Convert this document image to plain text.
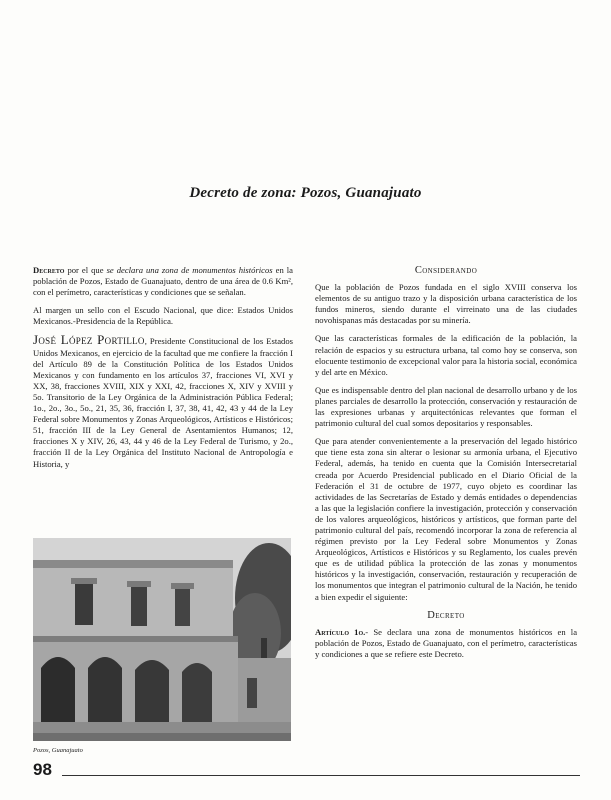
Decreto de zona: Pozos, Guanajuato

Decreto por el que se declara una zona de monumentos históricos en la población de Pozos, Estado de Guanajuato, dentro de una área de 0.6 Km², con el perímetro, características y condiciones que se señalan.

Al margen un sello con el Escudo Nacional, que dice: Estados Unidos Mexicanos.-Presidencia de la República.

José López Portillo, Presidente Constitucional de los Estados Unidos Mexicanos, en ejercicio de la facultad que me confiere la fracción I del Artículo 89 de la Constitución Política de los Estados Unidos Mexicanos y con fundamento en los artículos 37, fracciones VI, XVI y XX, 38, fracciones XVIII, XIX y XXI, 42, fracciones X, XIV y XVIII y 5o. Transitorio de la Ley Orgánica de la Administración Pública Federal; 1o., 2o., 3o., 5o., 21, 35, 36, fracción I, 37, 38, 41, 42, 43 y 44 de la Ley Federal sobre Monumentos y Zonas Arqueológicos, Artísticos e Históricos; 51, fracción III de la Ley General de Asentamientos Humanos; 12, fracciones X y XIV, 26, 43, 44 y 46 de la Ley Federal de Turismo, y 2o., fracción II de la Ley Orgánica del Instituto Nacional de Antropología e Historia, y

Pozos, Guanajuato
Considerando

Que la población de Pozos fundada en el siglo XVIII conserva los elementos de su antiguo trazo y la disposición urbana característica de los fundos mineros, siendo durante el virreinato una de las ciudades novohispanas más destacadas por su minería.

Que las características formales de la edificación de la población, la relación de espacios y su estructura urbana, tal como hoy se conserva, son elocuente testimonio de excepcional valor para la historia social, económica y del arte en México.

Que es indispensable dentro del plan nacional de desarrollo urbano y de los planes parciales de desarrollo la protección, conservación y restauración de las expresiones urbanas y arquitectónicas relevantes que forman el patrimonio cultural del cual somos depositarios y responsables.

Que para atender convenientemente a la preservación del legado histórico que tiene esta zona sin alterar o lesionar su armonía urbana, el Ejecutivo Federal, además, ha tenido en cuenta que la Comisión Intersecretarial creada por Acuerdo Presidencial publicado en el Diario Oficial de la Federación el 31 de octubre de 1977, cuyo objeto es coordinar las actividades de las Secretarías de Estado y demás entidades o dependencias a las que la legislación confiere la investigación, protección y conservación de los valores arqueológicos, históricos y artísticos, que forman parte del patrimonio cultural del país, recomendó incorporar la zona de referencia al régimen previsto por la Ley Federal sobre Monumentos y Zonas Arqueológicos, Artísticos e Históricos y su Reglamento, los cuales prevén que es de utilidad pública la protección de las zonas y monumentos históricos y la investigación, conservación, restauración y recuperación de los monumentos que integran el patrimonio cultural de la Nación, he tenido a bien expedir el siguiente:

Decreto

Artículo 1o.- Se declara una zona de monumentos históricos en la población de Pozos, Estado de Guanajuato, con el perímetro, características y condiciones a que se refiere este Decreto.

98
